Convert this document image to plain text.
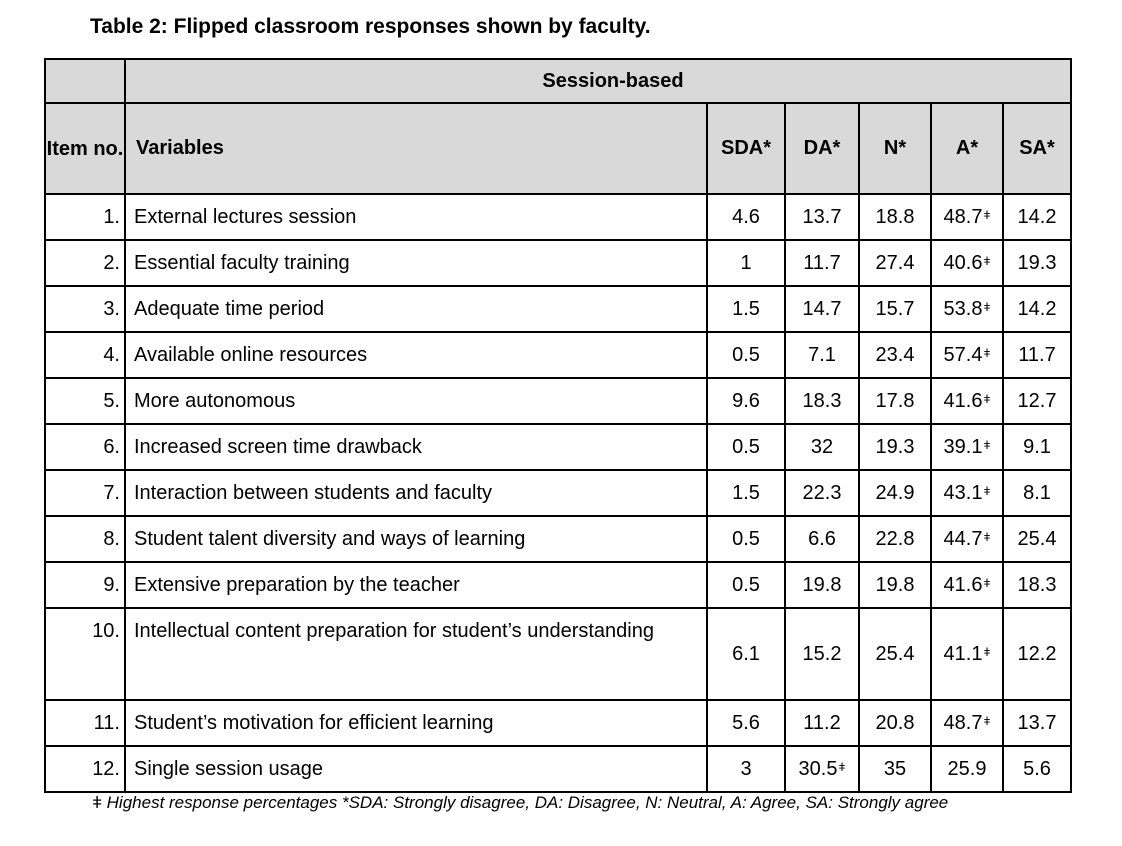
Table 2: Flipped classroom responses shown by faculty.
	Session-based					
Item no.	Variables	SDA*	DA*	N*	A*	SA*
1.	External lectures session	4.6	13.7	18.8	$48.7^ǂ$	14.2
2.	Essential faculty training	1	11.7	27.4	$40.6^ǂ$	19.3
3.	Adequate time period	1.5	14.7	15.7	$53.8^ǂ$	14.2
4.	Available online resources	0.5	7.1	23.4	$57.4^ǂ$	11.7
5.	More autonomous	9.6	18.3	17.8	$41.6^ǂ$	12.7
6.	Increased screen time drawback	0.5	32	19.3	$39.1^ǂ$	9.1
7.	Interaction between students and faculty	1.5	22.3	24.9	$43.1^ǂ$	8.1
8.	Student talent diversity and ways of learning	0.5	6.6	22.8	$44.7^ǂ$	25.4
9.	Extensive preparation by the teacher	0.5	19.8	19.8	$41.6^ǂ$	18.3
10.	Intellectual content preparation for student’s understanding	6.1	15.2	25.4	$41.1^ǂ$	12.2
11.	Student’s motivation for efficient learning	5.6	11.2	20.8	$48.7^ǂ$	13.7
12.	Single session usage	3	$30.5^ǂ$	35	25.9	5.6
ǂ Highest response percentages *SDA: Strongly disagree, DA: Disagree, N: Neutral, A: Agree, SA: Strongly agree
